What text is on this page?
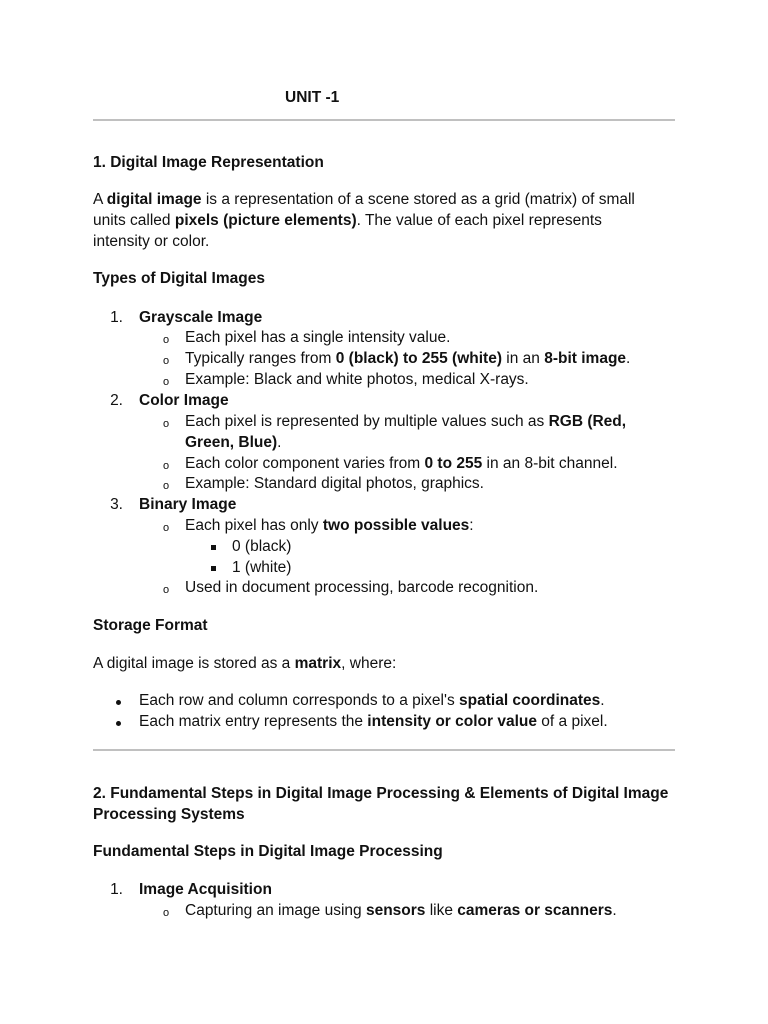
UNIT -1

1. Digital Image Representation

A digital image is a representation of a scene stored as a grid (matrix) of small
units called pixels (picture elements). The value of each pixel represents
intensity or color.

Types of Digital Images

1. Grayscale Image
o Each pixel has a single intensity value.
o Typically ranges from 0 (black) to 255 (white) in an 8-bit image.
o Example: Black and white photos, medical X-rays.
2. Color Image
o Each pixel is represented by multiple values such as RGB (Red,
Green, Blue).
o Each color component varies from 0 to 255 in an 8-bit channel.
o Example: Standard digital photos, graphics.
3. Binary Image
o Each pixel has only two possible values:
0 (black)
1 (white)
o Used in document processing, barcode recognition.

Storage Format

A digital image is stored as a matrix, where:

Each row and column corresponds to a pixel's spatial coordinates.
Each matrix entry represents the intensity or color value of a pixel.
2. Fundamental Steps in Digital Image Processing & Elements of Digital Image
Processing Systems

Fundamental Steps in Digital Image Processing

1. Image Acquisition
o Capturing an image using sensors like cameras or scanners.
